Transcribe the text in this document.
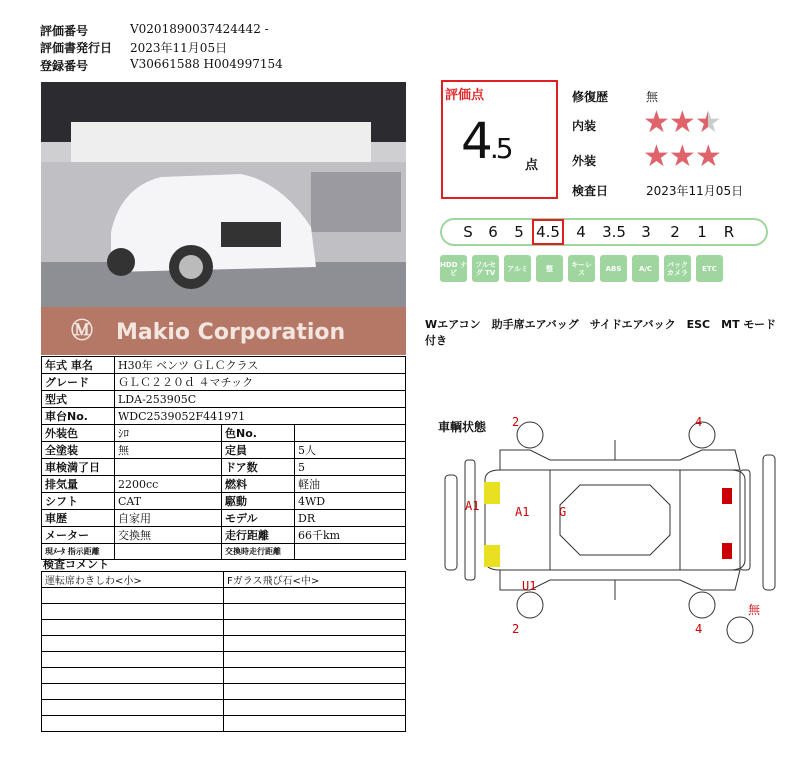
評価番号	V0201890037424442 -
評価書発行日	2023年11月05日
登録番号	V30661588 H004997154
Ⓜ Makio Corporation
年式 車名	H30年 ベンツ ＧＬＣクラス		
グレード	ＧＬＣ２２０ｄ ４マチック		
型式	LDA-253905C		
車台No.	WDC2539052F441971		
外装色	ｼﾛ	色No.	
全塗装	無	定員	5人
車検満了日		ドア数	5
排気量	2200cc	燃料	軽油
シフト	CAT	駆動	4WD
車歴	自家用	モデル	DR
メーター	交換無	走行距離	66千km
現ﾒｰﾀ 指示距離		交換時走行距離	
検査コメント
運転席わきしわ<小>	Fガラス飛び石<中>

評価点
4.5
点
修復歴	無
内装 ★★★
外装 ★★★
検査日	2023年11月05日
S	6	5 4.5	4	3.5	3	2	1	R
HDD ナビ
フルセグ TV	アルミ	整	キーレス	ABS	A/C	バック カメラ	ETC
Wエアコン　助手席エアバッグ　サイドエアバック　ESC　MT モード付き
車輌状態 2	4
2	4
A1	A1 G
U1
無
